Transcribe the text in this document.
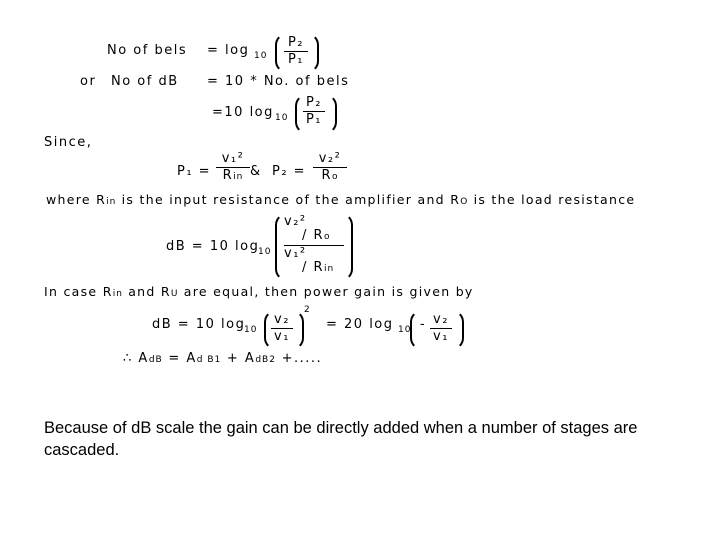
No of bels = log 10
P₂
P₁
or No of dB = 10 * No. of bels
=10 log 10
P₂
P₁
Since,
P₁ =
v₁²
Rin & P₂ =
v₂²
Ro
where Rin is the input resistance of the amplifier and RO is the load resistance
dB = 10 log
10
v₂²
/ Ro
v₁²
/ Rin
In case Rin and RU are equal, then power gain is given by
dB = 10 log
10
v₂
v₁
2
= 20 log 10 - v₂
v₁
∴ AdB = Ad B1 + AdB2 +.....
Because of dB scale the gain can be directly added when a number of stages are cascaded.
